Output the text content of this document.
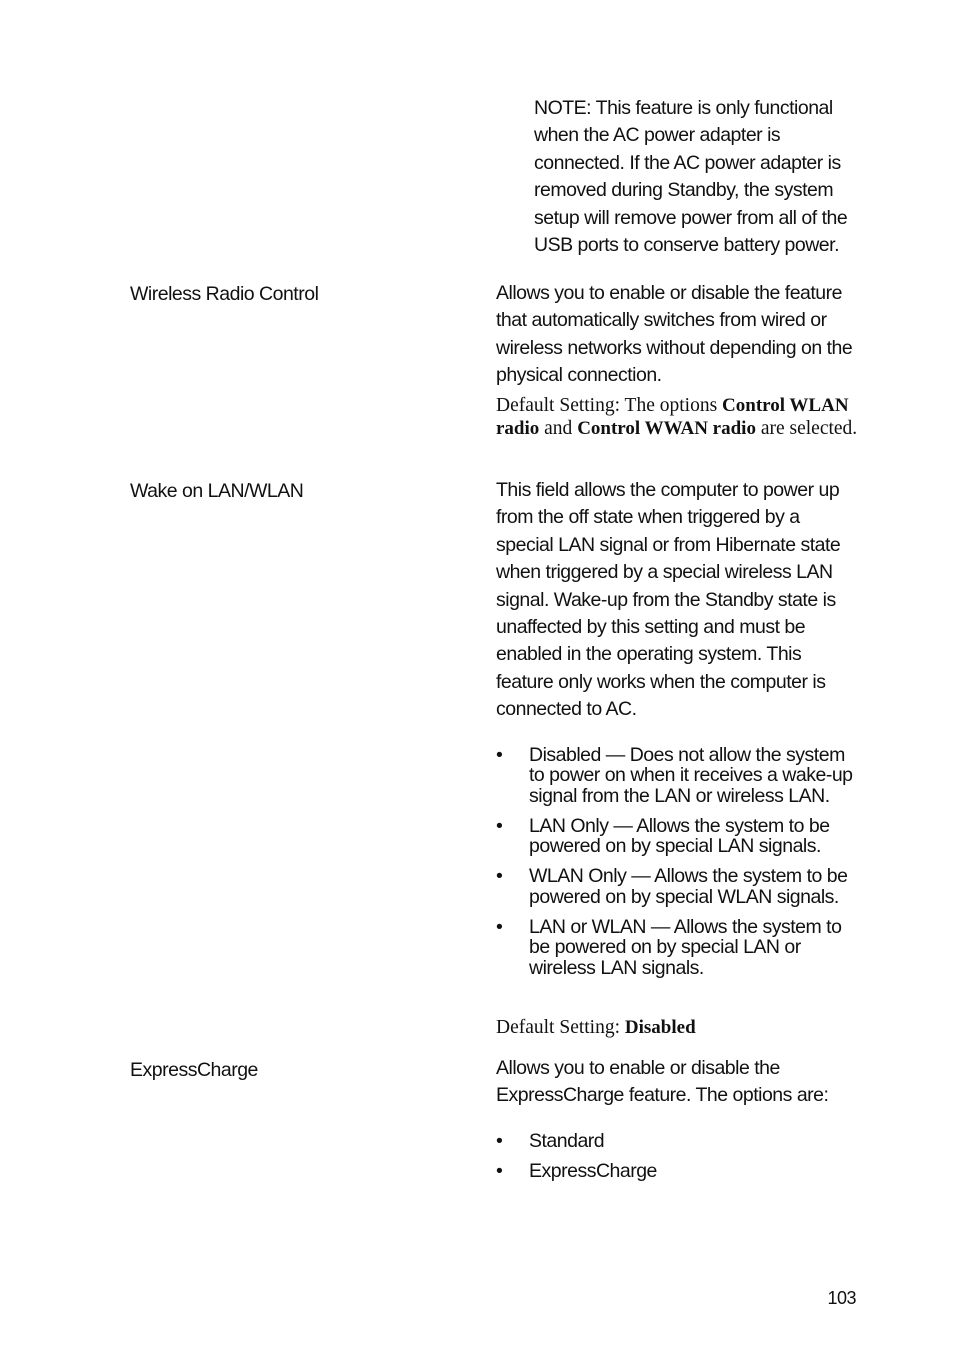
NOTE: This feature is only functional when the AC power adapter is connected. If the AC power adapter is removed during Standby, the system setup will remove power from all of the USB ports to conserve battery power.
Wireless Radio Control	Allows you to enable or disable the feature that automatically switches from wired or wireless networks without depending on the physical connection.
Default Setting: The options Control WLAN radio and Control WWAN radio are selected.
Wake on LAN/WLAN	This field allows the computer to power up from the off state when triggered by a special LAN signal or from Hibernate state when triggered by a special wireless LAN signal. Wake-up from the Standby state is unaffected by this setting and must be enabled in the operating system. This feature only works when the computer is connected to AC.
• Disabled — Does not allow the system to power on when it receives a wake-up signal from the LAN or wireless LAN.
• LAN Only — Allows the system to be powered on by special LAN signals.
• WLAN Only — Allows the system to be powered on by special WLAN signals.
• LAN or WLAN — Allows the system to be powered on by special LAN or wireless LAN signals.
Default Setting: Disabled
ExpressCharge	Allows you to enable or disable the ExpressCharge feature. The options are:
• Standard
• ExpressCharge
103
